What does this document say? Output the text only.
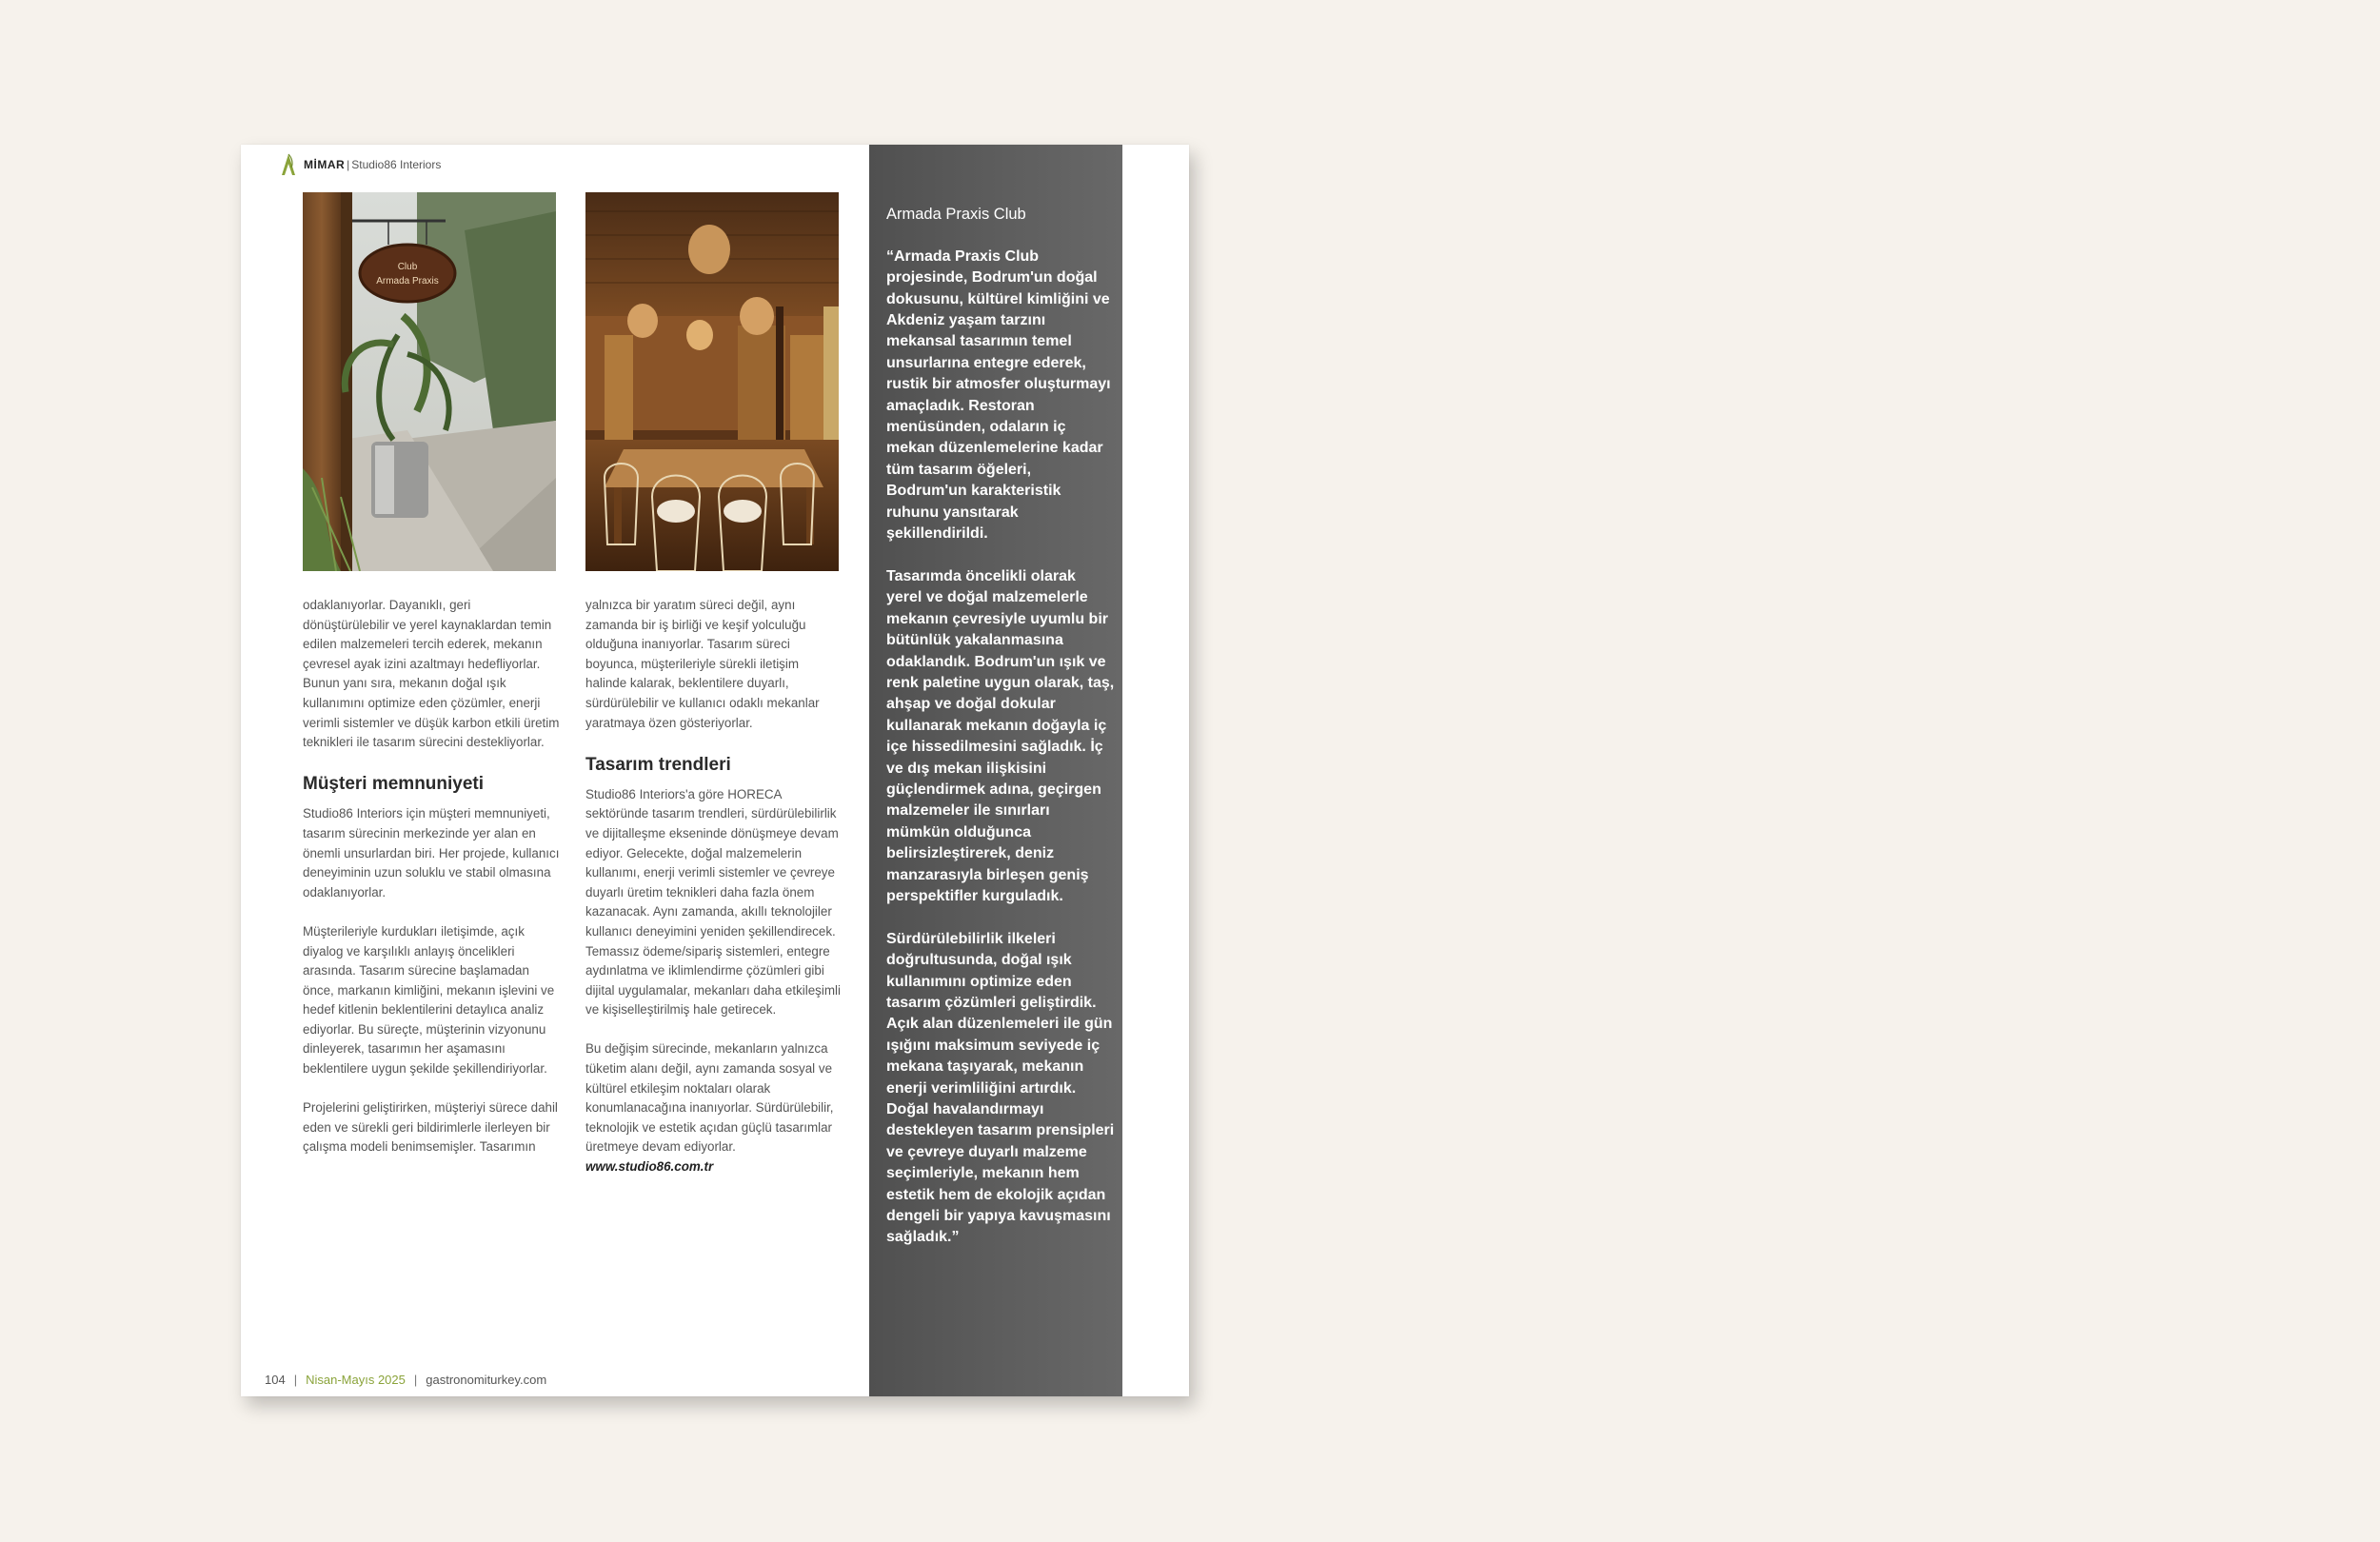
MİMAR | Studio86 Interiors
Club
Armada Praxis

odaklanıyorlar. Dayanıklı, geri dönüştürülebilir ve yerel kaynaklardan temin edilen malzemeleri tercih ederek, mekanın çevresel ayak izini azaltmayı hedefliyorlar. Bunun yanı sıra, mekanın doğal ışık kullanımını optimize eden çözümler, enerji verimli sistemler ve düşük karbon etkili üretim teknikleri ile tasarım sürecini destekliyorlar.

Müşteri memnuniyeti

Studio86 Interiors için müşteri memnuniyeti, tasarım sürecinin merkezinde yer alan en önemli unsurlardan biri. Her projede, kullanıcı deneyiminin uzun soluklu ve stabil olmasına odaklanıyorlar.

Müşterileriyle kurdukları iletişimde, açık diyalog ve karşılıklı anlayış öncelikleri arasında. Tasarım sürecine başlamadan önce, markanın kimliğini, mekanın işlevini ve hedef kitlenin beklentilerini detaylıca analiz ediyorlar. Bu süreçte, müşterinin vizyonunu dinleyerek, tasarımın her aşamasını beklentilere uygun şekilde şekillendiriyorlar.

Projelerini geliştirirken, müşteriyi sürece dahil eden ve sürekli geri bildirimlerle ilerleyen bir çalışma modeli benimsemişler. Tasarımın

yalnızca bir yaratım süreci değil, aynı zamanda bir iş birliği ve keşif yolculuğu olduğuna inanıyorlar. Tasarım süreci boyunca, müşterileriyle sürekli iletişim halinde kalarak, beklentilere duyarlı, sürdürülebilir ve kullanıcı odaklı mekanlar yaratmaya özen gösteriyorlar.

Tasarım trendleri

Studio86 Interiors'a göre HORECA sektöründe tasarım trendleri, sürdürülebilirlik ve dijitalleşme ekseninde dönüşmeye devam ediyor. Gelecekte, doğal malzemelerin kullanımı, enerji verimli sistemler ve çevreye duyarlı üretim teknikleri daha fazla önem kazanacak. Aynı zamanda, akıllı teknolojiler kullanıcı deneyimini yeniden şekillendirecek. Temassız ödeme/sipariş sistemleri, entegre aydınlatma ve iklimlendirme çözümleri gibi dijital uygulamalar, mekanları daha etkileşimli ve kişiselleştirilmiş hale getirecek.

Bu değişim sürecinde, mekanların yalnızca tüketim alanı değil, aynı zamanda sosyal ve kültürel etkileşim noktaları olarak konumlanacağına inanıyorlar. Sürdürülebilir, teknolojik ve estetik açıdan güçlü tasarımlar üretmeye devam ediyorlar.

www.studio86.com.tr

Armada Praxis Club

“Armada Praxis Club projesinde, Bodrum'un doğal dokusunu, kültürel kimliğini ve Akdeniz yaşam tarzını mekansal tasarımın temel unsurlarına entegre ederek, rustik bir atmosfer oluşturmayı amaçladık. Restoran menüsünden, odaların iç mekan düzenlemelerine kadar tüm tasarım öğeleri, Bodrum'un karakteristik ruhunu yansıtarak şekillendirildi.

Tasarımda öncelikli olarak yerel ve doğal malzemelerle mekanın çevresiyle uyumlu bir bütünlük yakalanmasına odaklandık. Bodrum'un ışık ve renk paletine uygun olarak, taş, ahşap ve doğal dokular kullanarak mekanın doğayla iç içe hissedilmesini sağladık. İç ve dış mekan ilişkisini güçlendirmek adına, geçirgen malzemeler ile sınırları mümkün olduğunca belirsizleştirerek, deniz manzarasıyla birleşen geniş perspektifler kurguladık.

Sürdürülebilirlik ilkeleri doğrultusunda, doğal ışık kullanımını optimize eden tasarım çözümleri geliştirdik. Açık alan düzenlemeleri ile gün ışığını maksimum seviyede iç mekana taşıyarak, mekanın enerji verimliliğini artırdık. Doğal havalandırmayı destekleyen tasarım prensipleri ve çevreye duyarlı malzeme seçimleriyle, mekanın hem estetik hem de ekolojik açıdan dengeli bir yapıya kavuşmasını sağladık.”

104 | Nisan-Mayıs 2025 | gastronomiturkey.com
